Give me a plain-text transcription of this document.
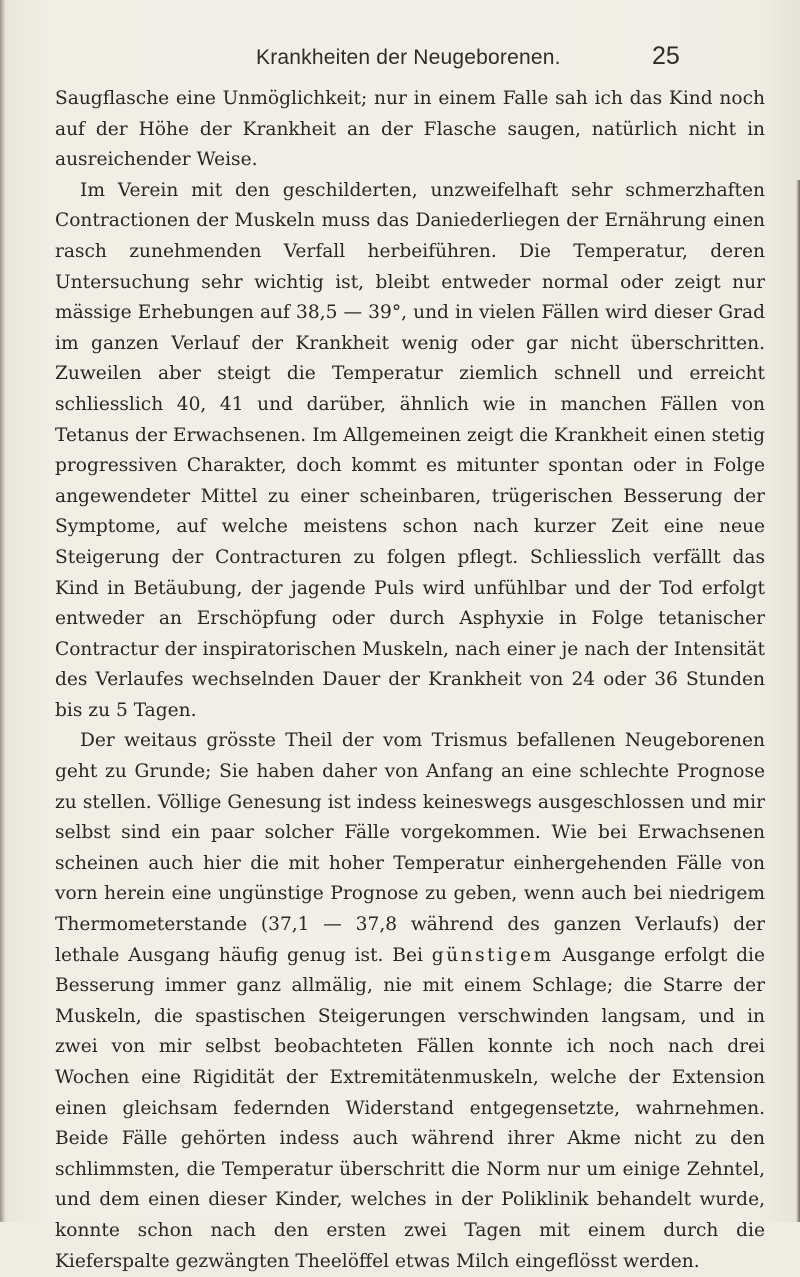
Krankheiten der Neugeborenen.	25

Saugflasche eine Unmöglichkeit; nur in einem Falle sah ich das Kind noch auf der Höhe der Krankheit an der Flasche saugen, natürlich nicht in ausreichender Weise.

Im Verein mit den geschilderten, unzweifelhaft sehr schmerzhaften Contractionen der Muskeln muss das Daniederliegen der Ernährung einen rasch zunehmenden Verfall herbeiführen. Die Temperatur, deren Untersuchung sehr wichtig ist, bleibt entweder normal oder zeigt nur mässige Erhebungen auf 38,5 — 39°, und in vielen Fällen wird dieser Grad im ganzen Verlauf der Krankheit wenig oder gar nicht überschritten. Zuweilen aber steigt die Temperatur ziemlich schnell und erreicht schliesslich 40, 41 und darüber, ähnlich wie in manchen Fällen von Tetanus der Erwachsenen. Im Allgemeinen zeigt die Krankheit einen stetig progressiven Charakter, doch kommt es mitunter spontan oder in Folge angewendeter Mittel zu einer scheinbaren, trügerischen Besserung der Symptome, auf welche meistens schon nach kurzer Zeit eine neue Steigerung der Contracturen zu folgen pflegt. Schliesslich verfällt das Kind in Betäubung, der jagende Puls wird unfühlbar und der Tod erfolgt entweder an Erschöpfung oder durch Asphyxie in Folge tetanischer Contractur der inspiratorischen Muskeln, nach einer je nach der Intensität des Verlaufes wechselnden Dauer der Krankheit von 24 oder 36 Stunden bis zu 5 Tagen.

Der weitaus grösste Theil der vom Trismus befallenen Neugeborenen geht zu Grunde; Sie haben daher von Anfang an eine schlechte Prognose zu stellen. Völlige Genesung ist indess keineswegs ausgeschlossen und mir selbst sind ein paar solcher Fälle vorgekommen. Wie bei Erwachsenen scheinen auch hier die mit hoher Temperatur einhergehenden Fälle von vorn herein eine ungünstige Prognose zu geben, wenn auch bei niedrigem Thermometerstande (37,1 — 37,8 während des ganzen Verlaufs) der lethale Ausgang häufig genug ist. Bei günstigem Ausgange erfolgt die Besserung immer ganz allmälig, nie mit einem Schlage; die Starre der Muskeln, die spastischen Steigerungen verschwinden langsam, und in zwei von mir selbst beobachteten Fällen konnte ich noch nach drei Wochen eine Rigidität der Extremitätenmuskeln, welche der Extension einen gleichsam federnden Widerstand entgegensetzte, wahrnehmen. Beide Fälle gehörten indess auch während ihrer Akme nicht zu den schlimmsten, die Temperatur überschritt die Norm nur um einige Zehntel, und dem einen dieser Kinder, welches in der Poliklinik behandelt wurde, konnte schon nach den ersten zwei Tagen mit einem durch die Kieferspalte gezwängten Theelöffel etwas Milch eingeflösst werden.
